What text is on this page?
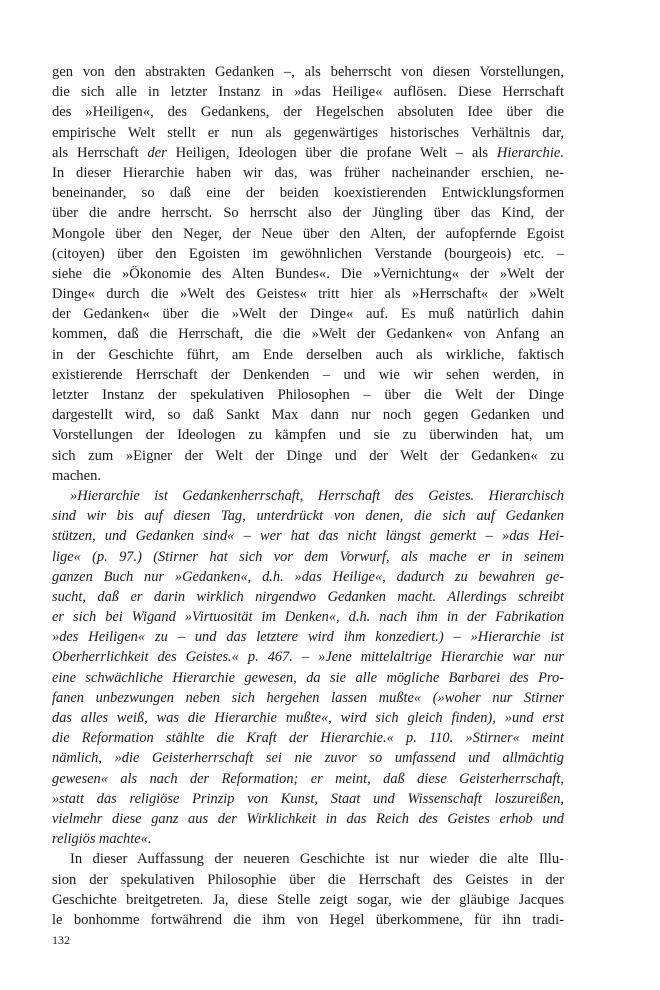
gen von den abstrakten Gedanken –, als beherrscht von diesen Vorstellungen,
die sich alle in letzter Instanz in »das Heilige« auflösen. Diese Herrschaft
des »Heiligen«, des Gedankens, der Hegelschen absoluten Idee über die
empirische Welt stellt er nun als gegenwärtiges historisches Verhältnis dar,
als Herrschaft der Heiligen, Ideologen über die profane Welt – als Hierarchie.
In dieser Hierarchie haben wir das, was früher nacheinander erschien, ne-
beneinander, so daß eine der beiden koexistierenden Entwicklungsformen
über die andre herrscht. So herrscht also der Jüngling über das Kind, der
Mongole über den Neger, der Neue über den Alten, der aufopfernde Egoist
(citoyen) über den Egoisten im gewöhnlichen Verstande (bourgeois) etc. –
siehe die »Ökonomie des Alten Bundes«. Die »Vernichtung« der »Welt der
Dinge« durch die »Welt des Geistes« tritt hier als »Herrschaft« der »Welt
der Gedanken« über die »Welt der Dinge« auf. Es muß natürlich dahin
kommen, daß die Herrschaft, die die »Welt der Gedanken« von Anfang an
in der Geschichte führt, am Ende derselben auch als wirkliche, faktisch
existierende Herrschaft der Denkenden – und wie wir sehen werden, in
letzter Instanz der spekulativen Philosophen – über die Welt der Dinge
dargestellt wird, so daß Sankt Max dann nur noch gegen Gedanken und
Vorstellungen der Ideologen zu kämpfen und sie zu überwinden hat, um
sich zum »Eigner der Welt der Dinge und der Welt der Gedanken« zu
machen.
»Hierarchie ist Gedankenherrschaft, Herrschaft des Geistes. Hierarchisch
sind wir bis auf diesen Tag, unterdrückt von denen, die sich auf Gedanken
stützen, und Gedanken sind« – wer hat das nicht längst gemerkt – »das Hei-
lige« (p. 97.) (Stirner hat sich vor dem Vorwurf, als mache er in seinem
ganzen Buch nur »Gedanken«, d.h. »das Heilige«, dadurch zu bewahren ge-
sucht, daß er darin wirklich nirgendwo Gedanken macht. Allerdings schreibt
er sich bei Wigand »Virtuosität im Denken«, d.h. nach ihm in der Fabrikation
»des Heiligen« zu – und das letztere wird ihm konzediert.) – »Hierarchie ist
Oberherrlichkeit des Geistes.« p. 467. – »Jene mittelaltrige Hierarchie war nur
eine schwächliche Hierarchie gewesen, da sie alle mögliche Barbarei des Pro-
fanen unbezwungen neben sich hergehen lassen mußte« (»woher nur Stirner
das alles weiß, was die Hierarchie mußte«, wird sich gleich finden), »und erst
die Reformation stählte die Kraft der Hierarchie.« p. 110. »Stirner« meint
nämlich, »die Geisterherrschaft sei nie zuvor so umfassend und allmächtig
gewesen« als nach der Reformation; er meint, daß diese Geisterherrschaft,
»statt das religiöse Prinzip von Kunst, Staat und Wissenschaft loszureißen,
vielmehr diese ganz aus der Wirklichkeit in das Reich des Geistes erhob und
religiös machte«.
In dieser Auffassung der neueren Geschichte ist nur wieder die alte Illu-
sion der spekulativen Philosophie über die Herrschaft des Geistes in der
Geschichte breitgetreten. Ja, diese Stelle zeigt sogar, wie der gläubige Jacques
le bonhomme fortwährend die ihm von Hegel überkommene, für ihn tradi-
132
